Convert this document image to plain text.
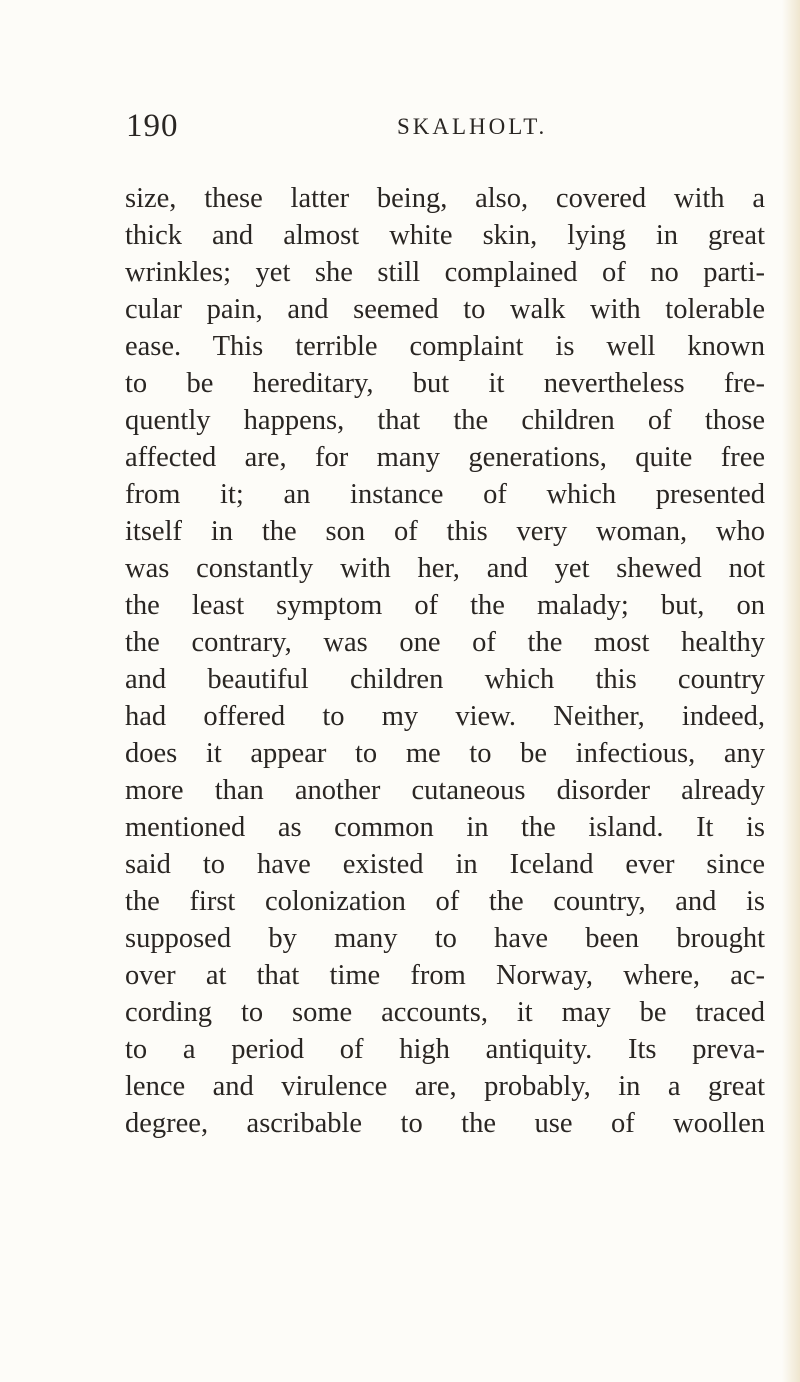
190	SKALHOLT.
size, these latter being, also, covered with a
thick and almost white skin, lying in great
wrinkles; yet she still complained of no parti-
cular pain, and seemed to walk with tolerable
ease. This terrible complaint is well known
to be hereditary, but it nevertheless fre-
quently happens, that the children of those
affected are, for many generations, quite free
from it; an instance of which presented
itself in the son of this very woman, who
was constantly with her, and yet shewed not
the least symptom of the malady; but, on
the contrary, was one of the most healthy
and beautiful children which this country
had offered to my view. Neither, indeed,
does it appear to me to be infectious, any
more than another cutaneous disorder already
mentioned as common in the island. It is
said to have existed in Iceland ever since
the first colonization of the country, and is
supposed by many to have been brought
over at that time from Norway, where, ac-
cording to some accounts, it may be traced
to a period of high antiquity. Its preva-
lence and virulence are, probably, in a great
degree, ascribable to the use of woollen
